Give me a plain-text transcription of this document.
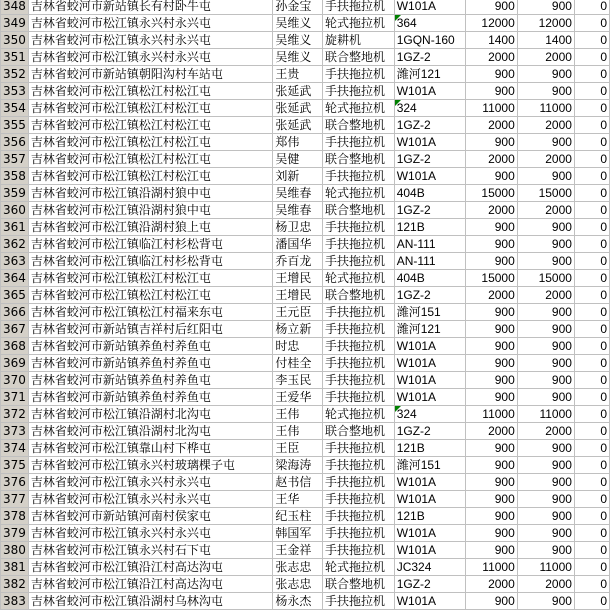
348	吉林省蛟河市新站镇长有村卧牛屯	孙金宝	手扶拖拉机	W101A	900	900	0
349	吉林省蛟河市松江镇永兴村永兴屯	吴维义	轮式拖拉机	364	12000	12000	0
350	吉林省蛟河市松江镇永兴村永兴屯	吴维义	旋耕机	1GQN-160	1400	1400	0
351	吉林省蛟河市松江镇永兴村永兴屯	吴维义	联合整地机	1GZ-2	2000	2000	0
352	吉林省蛟河市新站镇朝阳沟村车站屯	王贵	手扶拖拉机	潍河121	900	900	0
353	吉林省蛟河市松江镇松江村松江屯	张延武	手扶拖拉机	W101A	900	900	0
354	吉林省蛟河市松江镇松江村松江屯	张延武	轮式拖拉机	324	11000	11000	0
355	吉林省蛟河市松江镇松江村松江屯	张延武	联合整地机	1GZ-2	2000	2000	0
356	吉林省蛟河市松江镇松江村松江屯	郑伟	手扶拖拉机	W101A	900	900	0
357	吉林省蛟河市松江镇松江村松江屯	吴健	联合整地机	1GZ-2	2000	2000	0
358	吉林省蛟河市松江镇松江村松江屯	刘新	手扶拖拉机	W101A	900	900	0
359	吉林省蛟河市松江镇沿湖村狼中屯	吴维春	轮式拖拉机	404B	15000	15000	0
360	吉林省蛟河市松江镇沿湖村狼中屯	吴维春	联合整地机	1GZ-2	2000	2000	0
361	吉林省蛟河市松江镇沿湖村狼上屯	杨卫忠	手扶拖拉机	121B	900	900	0
362	吉林省蛟河市松江镇临江村杉松背屯	潘国华	手扶拖拉机	AN-111	900	900	0
363	吉林省蛟河市松江镇临江村杉松背屯	乔百龙	手扶拖拉机	AN-111	900	900	0
364	吉林省蛟河市松江镇松江村松江屯	王增民	轮式拖拉机	404B	15000	15000	0
365	吉林省蛟河市松江镇松江村松江屯	王增民	联合整地机	1GZ-2	2000	2000	0
366	吉林省蛟河市松江镇松江村福来东屯	王元臣	手扶拖拉机	潍河151	900	900	0
367	吉林省蛟河市新站镇吉祥村后红阳屯	杨立新	手扶拖拉机	潍河121	900	900	0
368	吉林省蛟河市新站镇养鱼村养鱼屯	时忠	手扶拖拉机	W101A	900	900	0
369	吉林省蛟河市新站镇养鱼村养鱼屯	付桂全	手扶拖拉机	W101A	900	900	0
370	吉林省蛟河市新站镇养鱼村养鱼屯	李玉民	手扶拖拉机	W101A	900	900	0
371	吉林省蛟河市新站镇养鱼村养鱼屯	王爱华	手扶拖拉机	W101A	900	900	0
372	吉林省蛟河市松江镇沿湖村北沟屯	王伟	轮式拖拉机	324	11000	11000	0
373	吉林省蛟河市松江镇沿湖村北沟屯	王伟	联合整地机	1GZ-2	2000	2000	0
374	吉林省蛟河市松江镇靠山村下桦屯	王臣	手扶拖拉机	121B	900	900	0
375	吉林省蛟河市松江镇永兴村玻璃棵子屯	梁海涛	手扶拖拉机	潍河151	900	900	0
376	吉林省蛟河市松江镇永兴村永兴屯	赵书信	手扶拖拉机	W101A	900	900	0
377	吉林省蛟河市松江镇永兴村永兴屯	王华	手扶拖拉机	W101A	900	900	0
378	吉林省蛟河市新站镇河南村侯家屯	纪玉柱	手扶拖拉机	121B	900	900	0
379	吉林省蛟河市松江镇永兴村永兴屯	韩国军	手扶拖拉机	W101A	900	900	0
380	吉林省蛟河市松江镇永兴村石下屯	王金祥	手扶拖拉机	W101A	900	900	0
381	吉林省蛟河市松江镇沿江村高达沟屯	张志忠	轮式拖拉机	JC324	11000	11000	0
382	吉林省蛟河市松江镇沿江村高达沟屯	张志忠	联合整地机	1GZ-2	2000	2000	0
383	吉林省蛟河市松江镇沿湖村乌林沟屯	杨永杰	手扶拖拉机	W101A	900	900	0
